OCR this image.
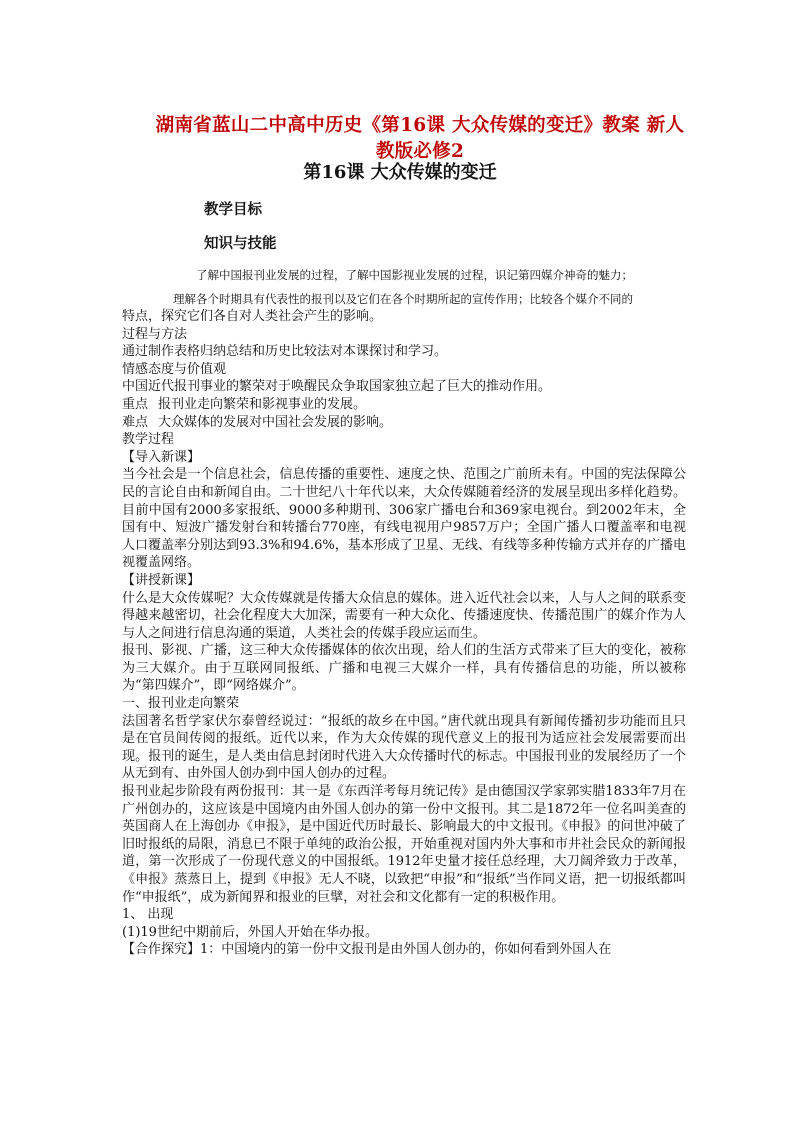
湖南省蓝山二中高中历史《第16课 大众传媒的变迁》教案 新人教版必修2
第16课 大众传媒的变迁
教学目标
知识与技能
了解中国报刊业发展的过程，了解中国影视业发展的过程，识记第四媒介神奇的魅力；
理解各个时期具有代表性的报刊以及它们在各个时期所起的宣传作用；比较各个媒介不同的

特点，探究它们各自对人类社会产生的影响。

过程与方法

通过制作表格归纳总结和历史比较法对本课探讨和学习。

情感态度与价值观

中国近代报刊事业的繁荣对于唤醒民众争取国家独立起了巨大的推动作用。

重点 报刊业走向繁荣和影视事业的发展。

难点 大众媒体的发展对中国社会发展的影响。

教学过程

【导入新课】

当今社会是一个信息社会，信息传播的重要性、速度之快、范围之广前所未有。中国的宪法保障公民的言论自由和新闻自由。二十世纪八十年代以来，大众传媒随着经济的发展呈现出多样化趋势。目前中国有2000多家报纸、9000多种期刊、306家广播电台和369家电视台。到2002年末，全国有中、短波广播发射台和转播台770座，有线电视用户9857万户；全国广播人口覆盖率和电视人口覆盖率分别达到93.3%和94.6%，基本形成了卫星、无线、有线等多种传输方式并存的广播电视覆盖网络。

【讲授新课】

什么是大众传媒呢？大众传媒就是传播大众信息的媒体。进入近代社会以来，人与人之间的联系变得越来越密切，社会化程度大大加深，需要有一种大众化、传播速度快、传播范围广的媒介作为人与人之间进行信息沟通的渠道，人类社会的传媒手段应运而生。

报刊、影视、广播，这三种大众传播媒体的依次出现，给人们的生活方式带来了巨大的变化，被称为三大媒介。由于互联网同报纸、广播和电视三大媒介一样，具有传播信息的功能，所以被称为“第四媒介”，即“网络媒介”。

一、报刊业走向繁荣

法国著名哲学家伏尔泰曾经说过：“报纸的故乡在中国。”唐代就出现具有新闻传播初步功能而且只是在官员间传阅的报纸。近代以来，作为大众传媒的现代意义上的报刊为适应社会发展需要而出现。报刊的诞生，是人类由信息封闭时代进入大众传播时代的标志。中国报刊业的发展经历了一个从无到有、由外国人创办到中国人创办的过程。

报刊业起步阶段有两份报刊：其一是《东西洋考每月统记传》是由德国汉学家郭实腊1833年7月在广州创办的，这应该是中国境内由外国人创办的第一份中文报刊。其二是1872年一位名叫美查的英国商人在上海创办《申报》，是中国近代历时最长、影响最大的中文报刊。《申报》的问世冲破了旧时报纸的局限，消息已不限于单纯的政治公报，开始重视对国内外大事和市井社会民众的新闻报道，第一次形成了一份现代意义的中国报纸。1912年史量才接任总经理，大刀阔斧致力于改革，《申报》蒸蒸日上，提到《申报》无人不晓，以致把“申报”和“报纸”当作同义语，把一切报纸都叫作“申报纸”，成为新闻界和报业的巨擘，对社会和文化都有一定的积极作用。

1、 出现

(1)19世纪中期前后，外国人开始在华办报。

【合作探究】1：中国境内的第一份中文报刊是由外国人创办的，你如何看到外国人在
